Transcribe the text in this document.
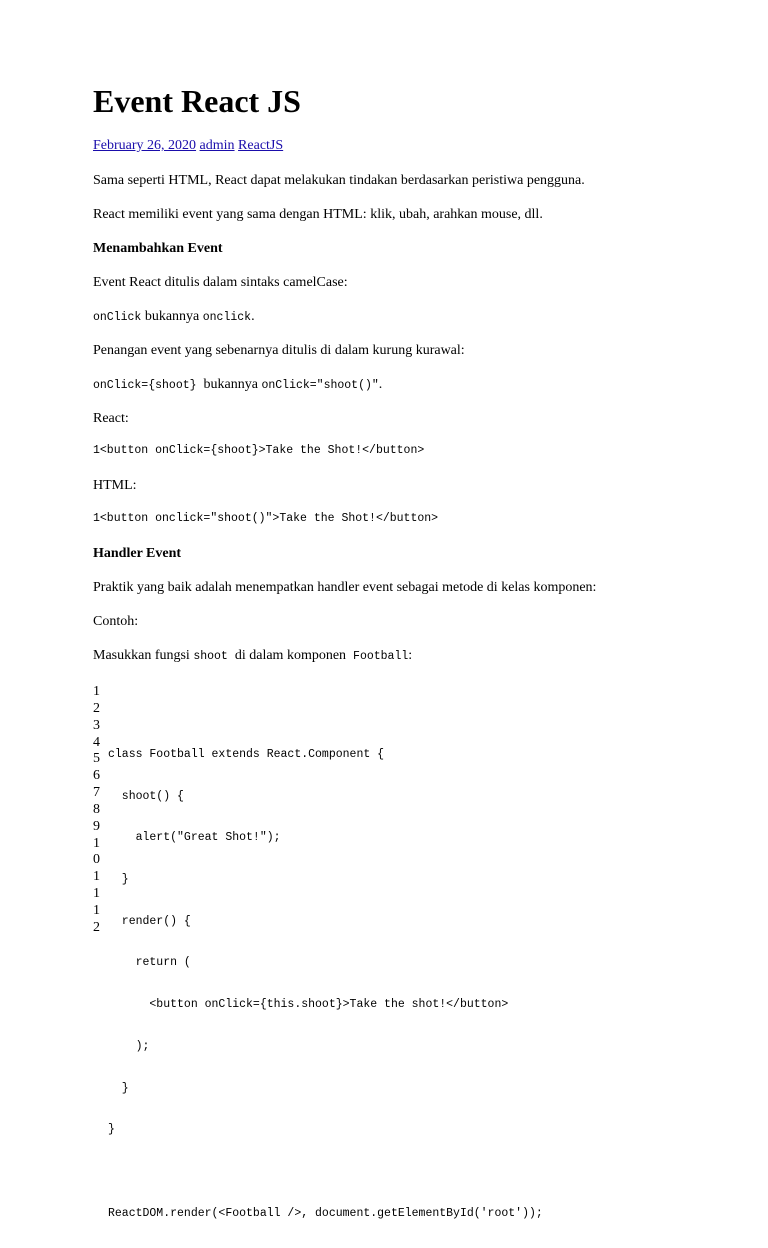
Event React JS
February 26, 2020 admin ReactJS
Sama seperti HTML, React dapat melakukan tindakan berdasarkan peristiwa pengguna.
React memiliki event yang sama dengan HTML: klik, ubah, arahkan mouse, dll.
Menambahkan Event
Event React ditulis dalam sintaks camelCase:
onClick bukannya onclick.
Penangan event yang sebenarnya ditulis di dalam kurung kurawal:
onClick={shoot}  bukannya onClick="shoot()".
React:
1<button onClick={shoot}>Take the Shot!</button>
HTML:
1<button onclick="shoot()">Take the Shot!</button>
Handler Event
Praktik yang baik adalah menempatkan handler event sebagai metode di kelas komponen:
Contoh:
Masukkan fungsi shoot  di dalam komponen  Football:
1
2
3
4
5
6
7
8
9
1
0
1
1
1
2

class Football extends React.Component {

shoot() {

alert("Great Shot!");

}

render() {

return (

<button onClick={this.shoot}>Take the shot!</button>

);

}

}

ReactDOM.render(<Football />, document.getElementById('root'));
